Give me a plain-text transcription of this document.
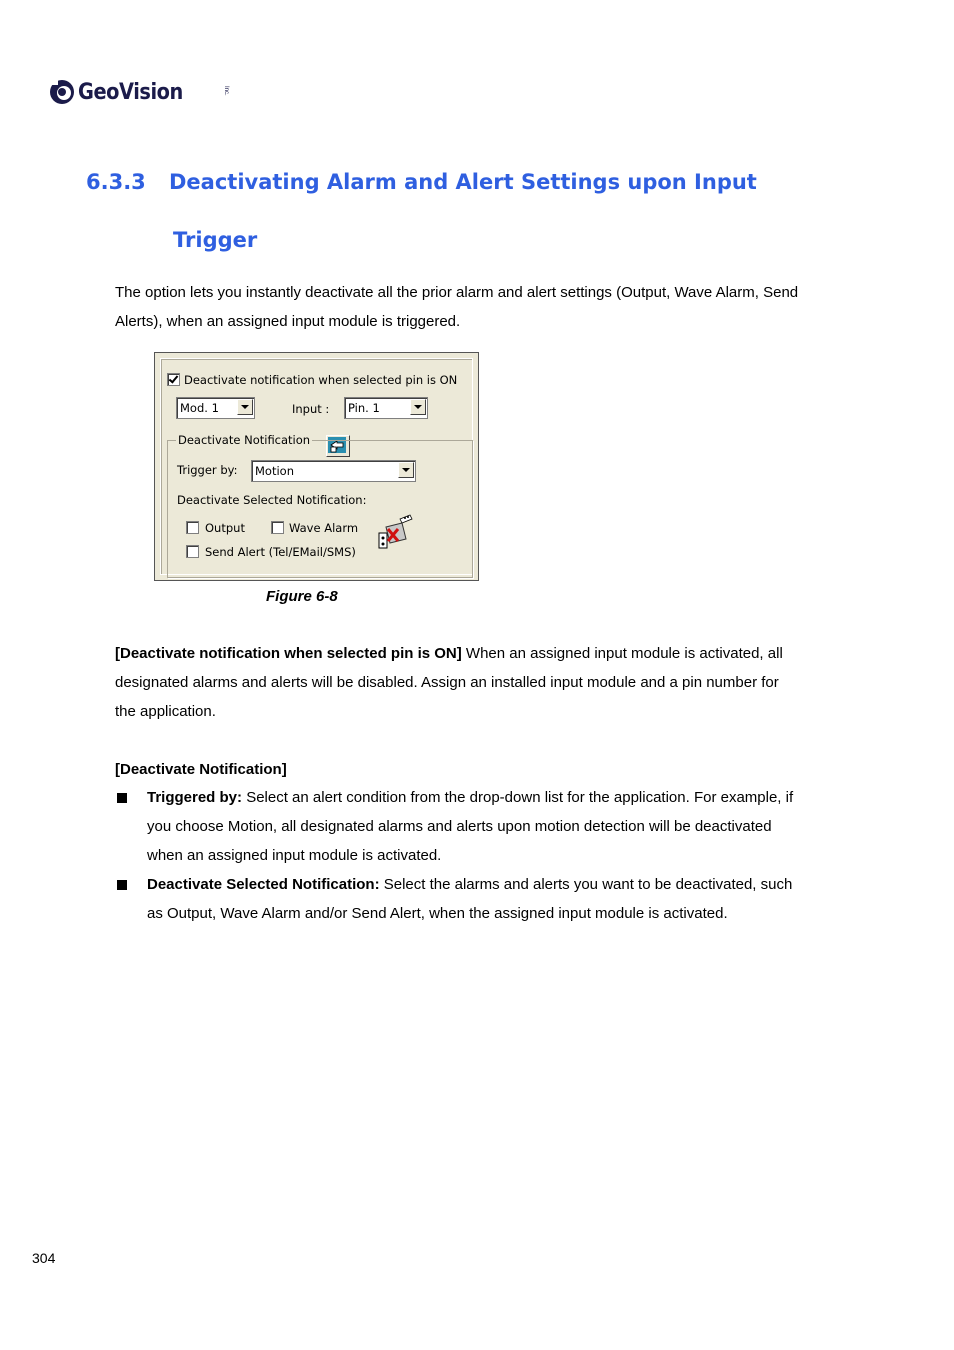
GeoVision	Inc.
6.3.3 Deactivating Alarm and Alert Settings upon Input
Trigger
The option lets you instantly deactivate all the prior alarm and alert settings (Output, Wave Alarm, Send
Alerts), when an assigned input module is triggered.
Deactivate notification when selected pin is ON
Mod. 1	Input : Pin. 1
Deactivate Notification
Trigger by: Motion
Deactivate Selected Notification:
Output	Wave Alarm
Send Alert (Tel/EMail/SMS)
Figure 6-8
[Deactivate notification when selected pin is ON] When an assigned input module is activated, all
designated alarms and alerts will be disabled. Assign an installed input module and a pin number for
the application.
[Deactivate Notification]
Triggered by: Select an alert condition from the drop-down list for the application. For example, if
you choose Motion, all designated alarms and alerts upon motion detection will be deactivated
when an assigned input module is activated.
Deactivate Selected Notification: Select the alarms and alerts you want to be deactivated, such
as Output, Wave Alarm and/or Send Alert, when the assigned input module is activated.
304
